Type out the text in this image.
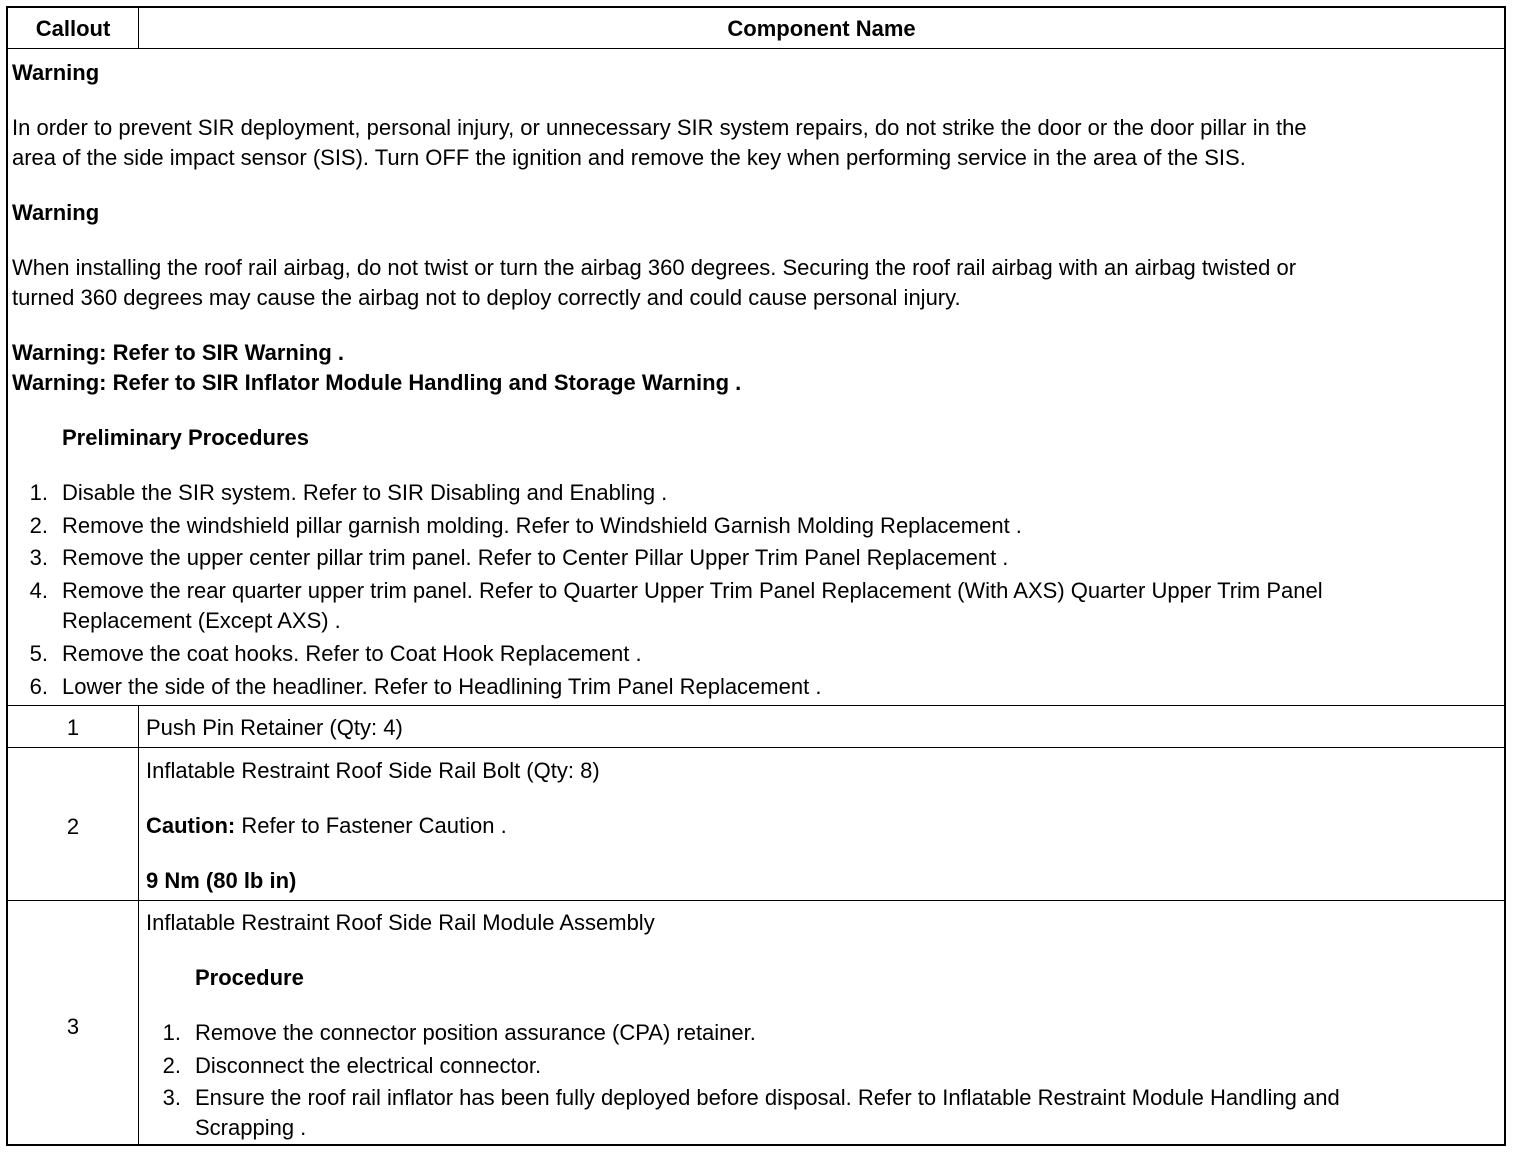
Callout	Component Name
Warning
In order to prevent SIR deployment, personal injury, or unnecessary SIR system repairs, do not strike the door or the door pillar in the
area of the side impact sensor (SIS). Turn OFF the ignition and remove the key when performing service in the area of the SIS.
Warning
When installing the roof rail airbag, do not twist or turn the airbag 360 degrees. Securing the roof rail airbag with an airbag twisted or
turned 360 degrees may cause the airbag not to deploy correctly and could cause personal injury.
Warning: Refer to SIR Warning .
Warning: Refer to SIR Inflator Module Handling and Storage Warning .
Preliminary Procedures
1. Disable the SIR system. Refer to SIR Disabling and Enabling .
2. Remove the windshield pillar garnish molding. Refer to Windshield Garnish Molding Replacement .
3. Remove the upper center pillar trim panel. Refer to Center Pillar Upper Trim Panel Replacement .
4. Remove the rear quarter upper trim panel. Refer to Quarter Upper Trim Panel Replacement (With AXS) Quarter Upper Trim Panel
Replacement (Except AXS) .
5. Remove the coat hooks. Refer to Coat Hook Replacement .
6. Lower the side of the headliner. Refer to Headlining Trim Panel Replacement .
1	Push Pin Retainer (Qty: 4)
2
Inflatable Restraint Roof Side Rail Bolt (Qty: 8)
Caution: Refer to Fastener Caution .
9 Nm (80 lb in)
3
Inflatable Restraint Roof Side Rail Module Assembly
Procedure
1. Remove the connector position assurance (CPA) retainer.
2. Disconnect the electrical connector.
3. Ensure the roof rail inflator has been fully deployed before disposal. Refer to Inflatable Restraint Module Handling and
Scrapping .
